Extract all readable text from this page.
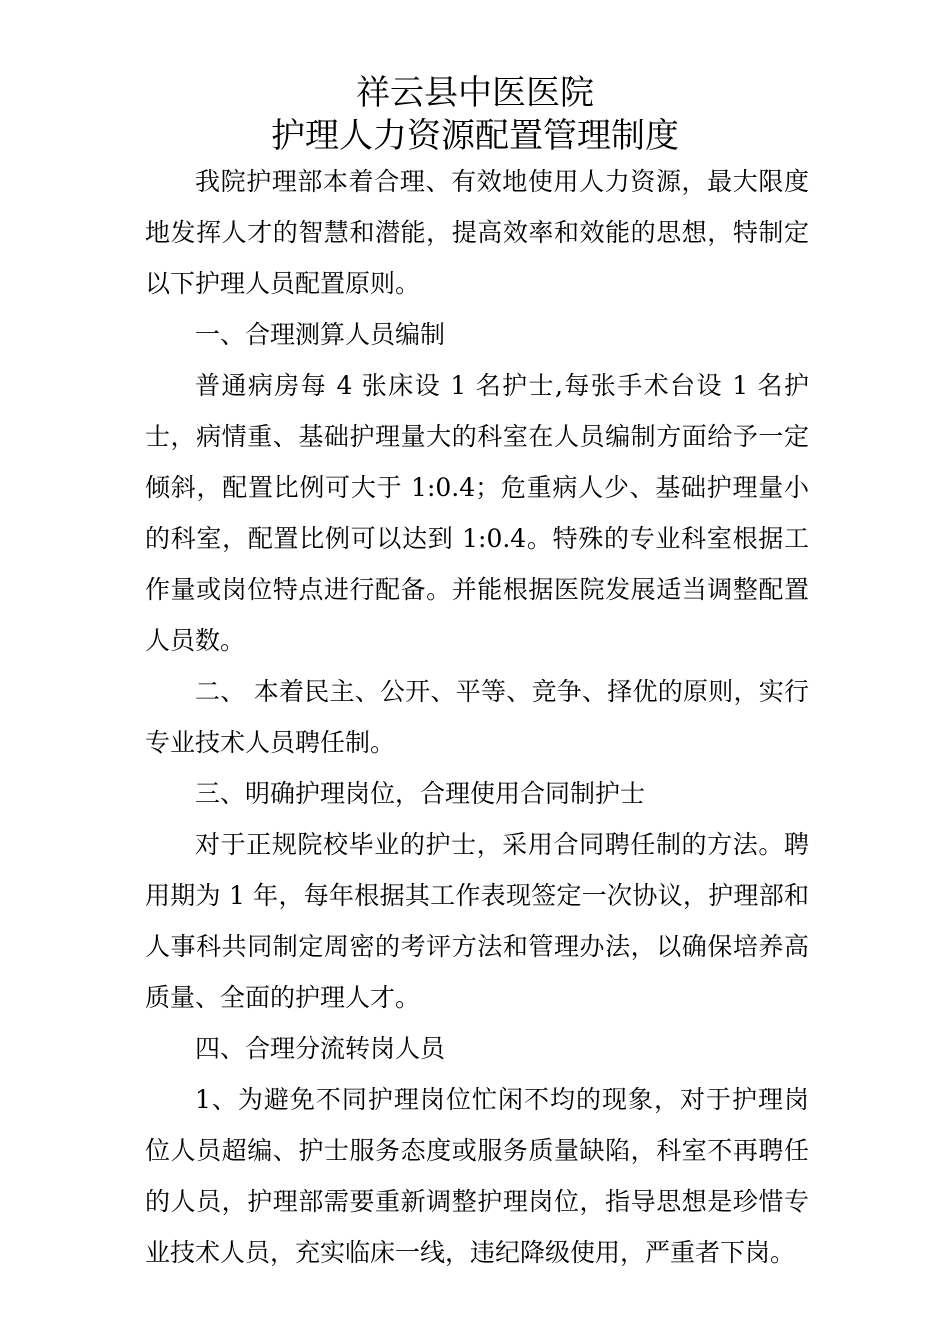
祥云县中医医院
护理人力资源配置管理制度

我院护理部本着合理、有效地使用人力资源，最大限度地发挥人才的智慧和潜能，提高效率和效能的思想，特制定以下护理人员配置原则。

一、合理测算人员编制

普通病房每 4 张床设 1 名护士,每张手术台设 1 名护士，病情重、基础护理量大的科室在人员编制方面给予一定倾斜，配置比例可大于 1:0.4；危重病人少、基础护理量小的科室，配置比例可以达到 1:0.4。特殊的专业科室根据工作量或岗位特点进行配备。并能根据医院发展适当调整配置人员数。

二、 本着民主、公开、平等、竞争、择优的原则，实行专业技术人员聘任制。

三、明确护理岗位，合理使用合同制护士

对于正规院校毕业的护士，采用合同聘任制的方法。聘用期为 1 年，每年根据其工作表现签定一次协议，护理部和人事科共同制定周密的考评方法和管理办法，以确保培养高质量、全面的护理人才。

四、合理分流转岗人员

1、为避免不同护理岗位忙闲不均的现象，对于护理岗位人员超编、护士服务态度或服务质量缺陷，科室不再聘任的人员，护理部需要重新调整护理岗位，指导思想是珍惜专业技术人员，充实临床一线，违纪降级使用，严重者下岗。
